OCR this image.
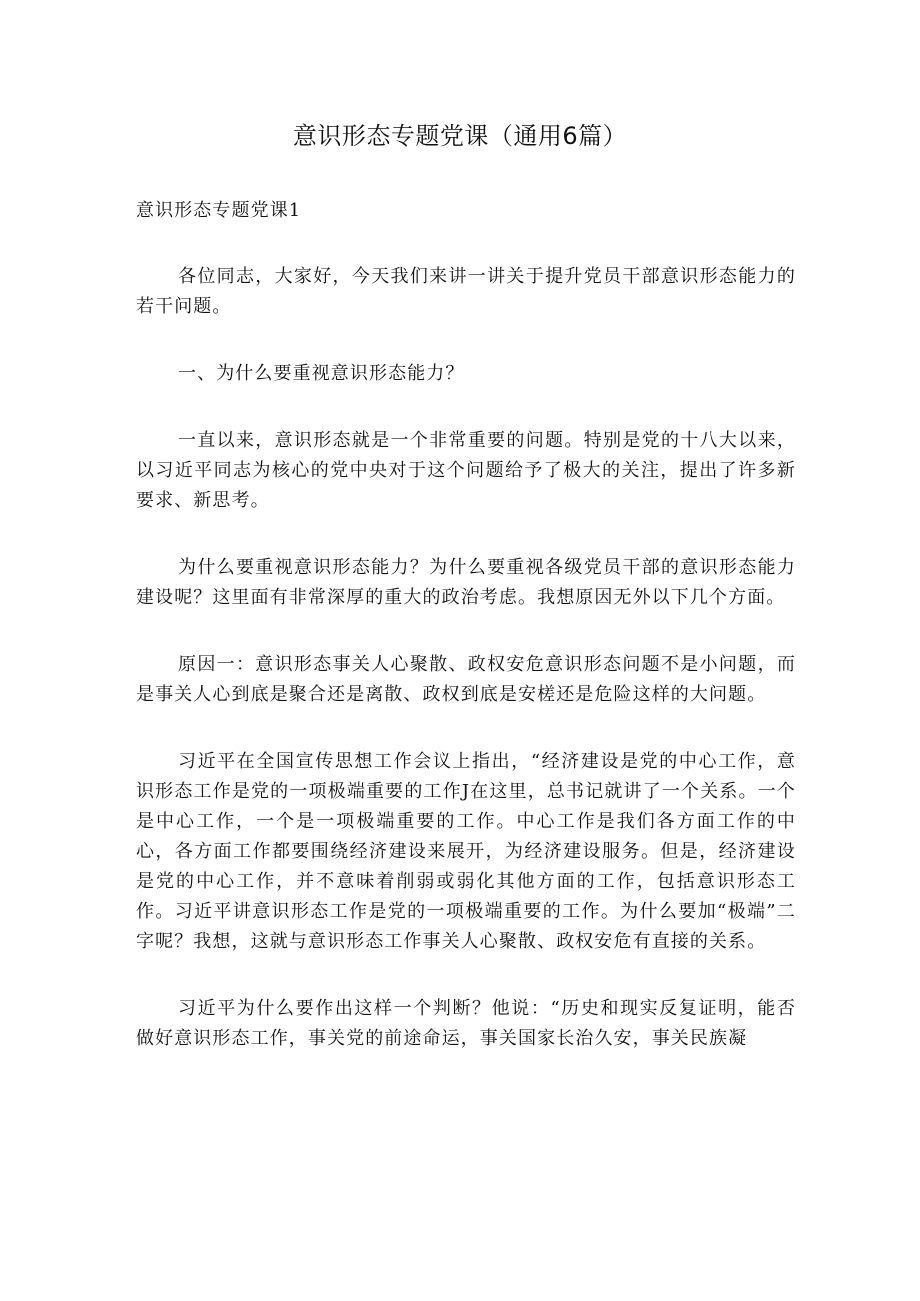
意识形态专题党课（通用6篇）

意识形态专题党课1

各位同志，大家好，今天我们来讲一讲关于提升党员干部意识形态能力的若干问题。

一、为什么要重视意识形态能力？

一直以来，意识形态就是一个非常重要的问题。特别是党的十八大以来，以习近平同志为核心的党中央对于这个问题给予了极大的关注，提出了许多新要求、新思考。

为什么要重视意识形态能力？为什么要重视各级党员干部的意识形态能力建设呢？这里面有非常深厚的重大的政治考虑。我想原因无外以下几个方面。

原因一：意识形态事关人心聚散、政权安危意识形态问题不是小问题，而是事关人心到底是聚合还是离散、政权到底是安槎还是危险这样的大问题。

习近平在全国宣传思想工作会议上指出，“经济建设是党的中心工作，意识形态工作是党的一项极端重要的工作J在这里，总书记就讲了一个关系。一个是中心工作，一个是一项极端重要的工作。中心工作是我们各方面工作的中心，各方面工作都要围绕经济建设来展开，为经济建设服务。但是，经济建设是党的中心工作，并不意味着削弱或弱化其他方面的工作，包括意识形态工作。习近平讲意识形态工作是党的一项极端重要的工作。为什么要加“极端”二字呢？我想，这就与意识形态工作事关人心聚散、政权安危有直接的关系。

习近平为什么要作出这样一个判断？他说：“历史和现实反复证明，能否做好意识形态工作，事关党的前途命运，事关国家长治久安，事关民族凝
